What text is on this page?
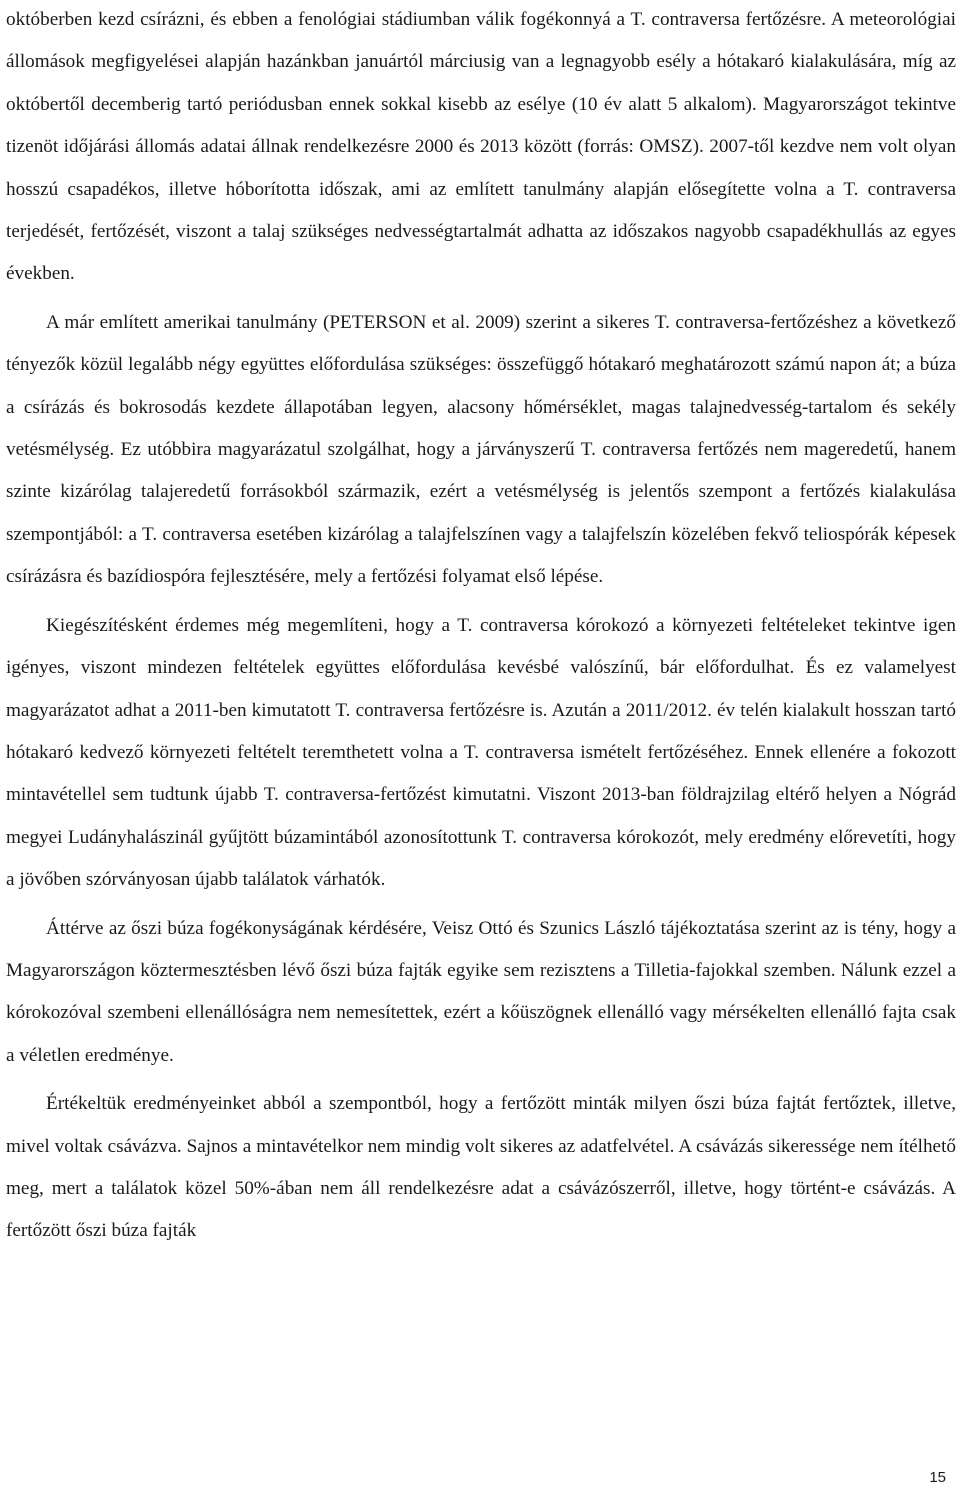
októberben kezd csírázni, és ebben a fenológiai stádiumban válik fogékonnyá a T. contraversa fertőzésre. A meteorológiai állomások megfigyelései alapján hazánkban januártól márciusig van a legnagyobb esély a hótakaró kialakulására, míg az októbertől decemberig tartó periódusban ennek sokkal kisebb az esélye (10 év alatt 5 alkalom). Magyarországot tekintve tizenöt időjárási állomás adatai állnak rendelkezésre 2000 és 2013 között (forrás: OMSZ). 2007-től kezdve nem volt olyan hosszú csapadékos, illetve hóborította időszak, ami az említett tanulmány alapján elősegítette volna a T. contraversa terjedését, fertőzését, viszont a talaj szükséges nedvességtartalmát adhatta az időszakos nagyobb csapadékhullás az egyes években.

A már említett amerikai tanulmány (PETERSON et al. 2009) szerint a sikeres T. contraversa-fertőzéshez a következő tényezők közül legalább négy együttes előfordulása szükséges: összefüggő hótakaró meghatározott számú napon át; a búza a csírázás és bokrosodás kezdete állapotában legyen, alacsony hőmérséklet, magas talajnedvesség-tartalom és sekély vetésmélység. Ez utóbbira magyarázatul szolgálhat, hogy a járványszerű T. contraversa fertőzés nem mageredetű, hanem szinte kizárólag talajeredetű forrásokból származik, ezért a vetésmélység is jelentős szempont a fertőzés kialakulása szempontjából: a T. contraversa esetében kizárólag a talajfelszínen vagy a talajfelszín közelében fekvő teliospórák képesek csírázásra és bazídiospóra fejlesztésére, mely a fertőzési folyamat első lépése.

Kiegészítésként érdemes még megemlíteni, hogy a T. contraversa kórokozó a környezeti feltételeket tekintve igen igényes, viszont mindezen feltételek együttes előfordulása kevésbé valószínű, bár előfordulhat. És ez valamelyest magyarázatot adhat a 2011-ben kimutatott T. contraversa fertőzésre is. Azután a 2011/2012. év telén kialakult hosszan tartó hótakaró kedvező környezeti feltételt teremthetett volna a T. contraversa ismételt fertőzéséhez. Ennek ellenére a fokozott mintavétellel sem tudtunk újabb T. contraversa-fertőzést kimutatni. Viszont 2013-ban földrajzilag eltérő helyen a Nógrád megyei Ludányhalászinál gyűjtött búzamintából azonosítottunk T. contraversa kórokozót, mely eredmény előrevetíti, hogy a jövőben szórványosan újabb találatok várhatók.

Áttérve az őszi búza fogékonyságának kérdésére, Veisz Ottó és Szunics László tájékoztatása szerint az is tény, hogy a Magyarországon köztermesztésben lévő őszi búza fajták egyike sem rezisztens a Tilletia-fajokkal szemben. Nálunk ezzel a kórokozóval szembeni ellenállóságra nem nemesítettek, ezért a kőüszögnek ellenálló vagy mérsékelten ellenálló fajta csak a véletlen eredménye.

Értékeltük eredményeinket abból a szempontból, hogy a fertőzött minták milyen őszi búza fajtát fertőztek, illetve, mivel voltak csávázva. Sajnos a mintavételkor nem mindig volt sikeres az adatfelvétel. A csávázás sikeressége nem ítélhető meg, mert a találatok közel 50%-ában nem áll rendelkezésre adat a csávázószerről, illetve, hogy történt-e csávázás. A fertőzött őszi búza fajták

15
